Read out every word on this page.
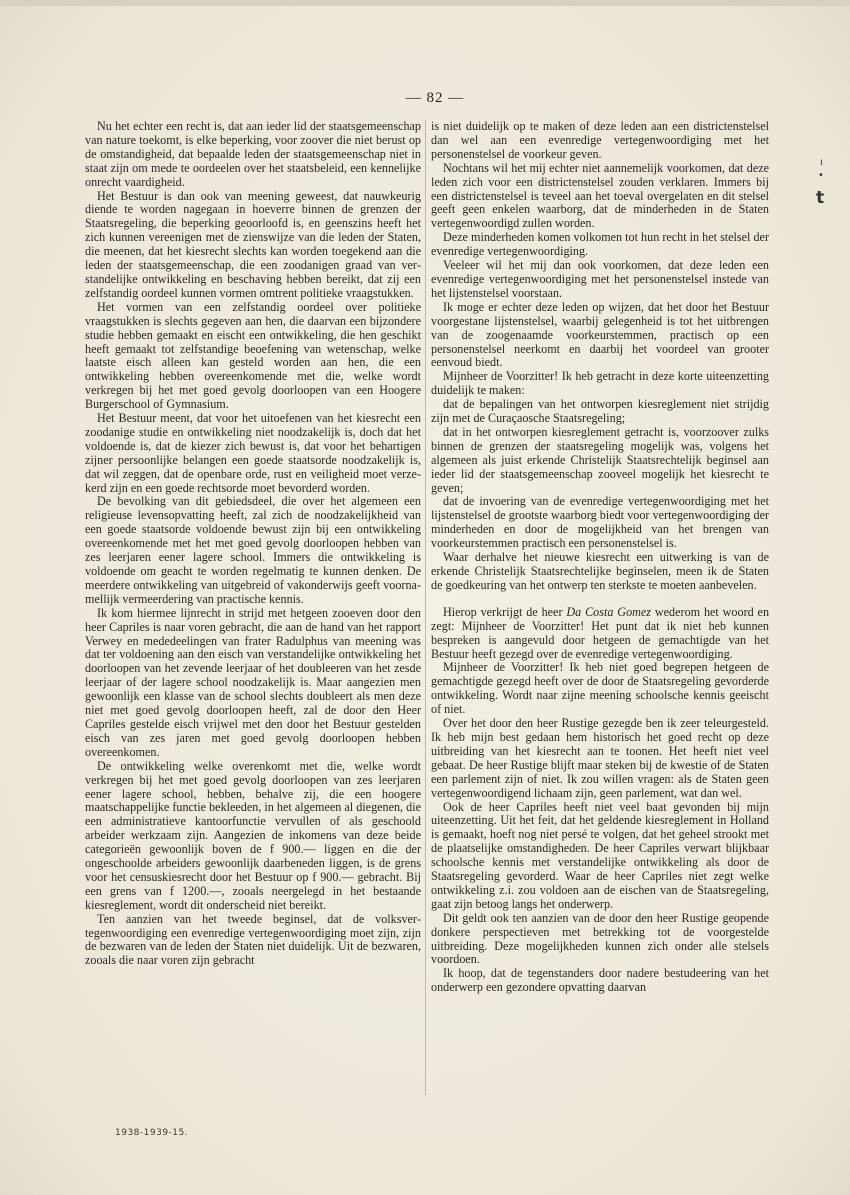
— 82 —

Nu het echter een recht is, dat aan ieder lid der staatsgemeenschap van nature toekomt, is elke beperking, voor zoover die niet berust op de omstandigheid, dat bepaalde leden der staatsgemeenschap niet in staat zijn om mede te oordeelen over het staatsbeleid, een kennelijke onrecht vaardigheid.

Het Bestuur is dan ook van meening geweest, dat nauwkeurig diende te worden nagegaan in hoeverre binnen de grenzen der Staatsregeling, die beperking geoorloofd is, en geenszins heeft het zich kunnen vereenigen met de zienswijze van die leden der Staten, die meenen, dat het kiesrecht slechts kan worden toegekend aan die leden der staatsgemeenschap, die een zoodanigen graad van verstandelijke ontwikkeling en beschaving hebben bereikt, dat zij een zelfstandig oordeel kunnen vormen omtrent politieke vraagstukken.

Het vormen van een zelfstandig oordeel over politieke vraagstukken is slechts gegeven aan hen, die daarvan een bijzondere studie hebben gemaakt en eischt een ontwikkeling, die hen geschikt heeft gemaakt tot zelfstandige beoefening van wetenschap, welke laatste eisch alleen kan gesteld worden aan hen, die een ontwikkeling hebben overeenkomende met die, welke wordt verkregen bij het met goed gevolg doorloopen van een Hoogere Burgerschool of Gymnasium.

Het Bestuur meent, dat voor het uitoefenen van het kiesrecht een zoodanige studie en ontwikkeling niet noodzakelijk is, doch dat het voldoende is, dat de kiezer zich bewust is, dat voor het behartigen zijner persoonlijke belangen een goede staatsorde noodzakelijk is, dat wil zeggen, dat de openbare orde, rust en veiligheid moet verzekerd zijn en een goede rechtsorde moet bevorderd worden.

De bevolking van dit gebiedsdeel, die over het algemeen een religieuse levensopvatting heeft, zal zich de noodzakelijkheid van een goede staatsorde voldoende bewust zijn bij een ontwikkeling overeenkomende met het met goed gevolg doorloopen hebben van zes leerjaren eener lagere school. Immers die ontwikkeling is voldoende om geacht te worden regelmatig te kunnen denken. De meerdere ontwikkeling van uitgebreid of vakonderwijs geeft voornamellijk vermeerdering van practische kennis.

Ik kom hiermee lijnrecht in strijd met hetgeen zooeven door den heer Capriles is naar voren gebracht, die aan de hand van het rapport Verwey en mededeelingen van frater Radulphus van meening was dat ter voldoening aan den eisch van verstandelijke ontwikkeling het doorloopen van het zevende leerjaar of het doubleeren van het zesde leerjaar of der lagere school noodzakelijk is. Maar aangezien men gewoonlijk een klasse van de school slechts doubleert als men deze niet met goed gevolg doorloopen heeft, zal de door den Heer Capriles gestelde eisch vrijwel met den door het Bestuur gestelden eisch van zes jaren met goed gevolg doorloopen hebben overeenkomen.

De ontwikkeling welke overenkomt met die, welke wordt verkregen bij het met goed gevolg doorloopen van zes leerjaren eener lagere school, hebben, behalve zij, die een hoogere maatschappelijke functie bekleeden, in het algemeen al diegenen, die een administratieve kantoorfunctie vervullen of als geschoold arbeider werkzaam zijn. Aangezien de inkomens van deze beide categorieën gewoonlijk boven de f 900.— liggen en die der ongeschoolde arbeiders gewoonlijk daarbeneden liggen, is de grens voor het censuskiesrecht door het Bestuur op f 900.— gebracht. Bij een grens van f 1200.—, zooals neergelegd in het bestaande kiesreglement, wordt dit onderscheid niet bereikt.

Ten aanzien van het tweede beginsel, dat de volksvertegenwoordiging een evenredige vertegenwoordiging moet zijn, zijn de bezwaren van de leden der Staten niet duidelijk. Uit de bezwaren, zooals die naar voren zijn gebracht

is niet duidelijk op te maken of deze leden aan een districtenstelsel dan wel aan een evenredige vertegenwoordiging met het personenstelsel de voorkeur geven.

Nochtans wil het mij echter niet aannemelijk voorkomen, dat deze leden zich voor een districtenstelsel zouden verklaren. Immers bij een districtenstelsel is teveel aan het toeval overgelaten en dit stelsel geeft geen enkelen waarborg, dat de minderheden in de Staten vertegenwoordigd zullen worden.

Deze minderheden komen volkomen tot hun recht in het stelsel der evenredige vertegenwoordiging.

Veeleer wil het mij dan ook voorkomen, dat deze leden een evenredige vertegenwoordiging met het personenstelsel instede van het lijstenstelsel voorstaan.

Ik moge er echter deze leden op wijzen, dat het door het Bestuur voorgestane lijstenstelsel, waarbij gelegenheid is tot het uitbrengen van de zoogenaamde voorkeurstemmen, practisch op een personenstelsel neerkomt en daarbij het voordeel van grooter eenvoud biedt.

Mijnheer de Voorzitter! Ik heb getracht in deze korte uiteenzetting duidelijk te maken:

dat de bepalingen van het ontworpen kiesreglement niet strijdig zijn met de Curaçaosche Staatsregeling;

dat in het ontworpen kiesreglement getracht is, voorzoover zulks binnen de grenzen der staatsregeling mogelijk was, volgens het algemeen als juist erkende Christelijk Staatsrechtelijk beginsel aan ieder lid der staatsgemeenschap zooveel mogelijk het kiesrecht te geven;

dat de invoering van de evenredige vertegenwoordiging met het lijstenstelsel de grootste waarborg biedt voor vertegenwoordiging der minderheden en door de mogelijkheid van het brengen van voorkeurstemmen practisch een personenstelsel is.

Waar derhalve het nieuwe kiesrecht een uitwerking is van de erkende Christelijk Staatsrechtelijke beginselen, meen ik de Staten de goedkeuring van het ontwerp ten sterkste te moeten aanbevelen.

Hierop verkrijgt de heer Da Costa Gomez wederom het woord en zegt: Mijnheer de Voorzitter! Het punt dat ik niet heb kunnen bespreken is aangevuld door hetgeen de gemachtigde van het Bestuur heeft gezegd over de evenredige vertegenwoordiging.

Mijnheer de Voorzitter! Ik heb niet goed begrepen hetgeen de gemachtigde gezegd heeft over de door de Staatsregeling gevorderde ontwikkeling. Wordt naar zijne meening schoolsche kennis geeischt of niet.

Over het door den heer Rustige gezegde ben ik zeer teleurgesteld. Ik heb mijn best gedaan hem historisch het goed recht op deze uitbreiding van het kiesrecht aan te toonen. Het heeft niet veel gebaat. De heer Rustige blijft maar steken bij de kwestie of de Staten een parlement zijn of niet. Ik zou willen vragen: als de Staten geen vertegenwoordigend lichaam zijn, geen parlement, wat dan wel.

Ook de heer Capriles heeft niet veel baat gevonden bij mijn uiteenzetting. Uit het feit, dat het geldende kiesreglement in Holland is gemaakt, hoeft nog niet persé te volgen, dat het geheel strookt met de plaatselijke omstandigheden. De heer Capriles verwart blijkbaar schoolsche kennis met verstandelijke ontwikkeling als door de Staatsregeling gevorderd. Waar de heer Capriles niet zegt welke ontwikkeling z.i. zou voldoen aan de eischen van de Staatsregeling, gaat zijn betoog langs het onderwerp.

Dit geldt ook ten aanzien van de door den heer Rustige geopende donkere perspectieven met betrekking tot de voorgestelde uitbreiding. Deze mogelijkheden kunnen zich onder alle stelsels voordoen.

Ik hoop, dat de tegenstanders door nadere bestudeering van het onderwerp een gezondere opvatting daarvan

ı
•
t
1938-1939-15.
